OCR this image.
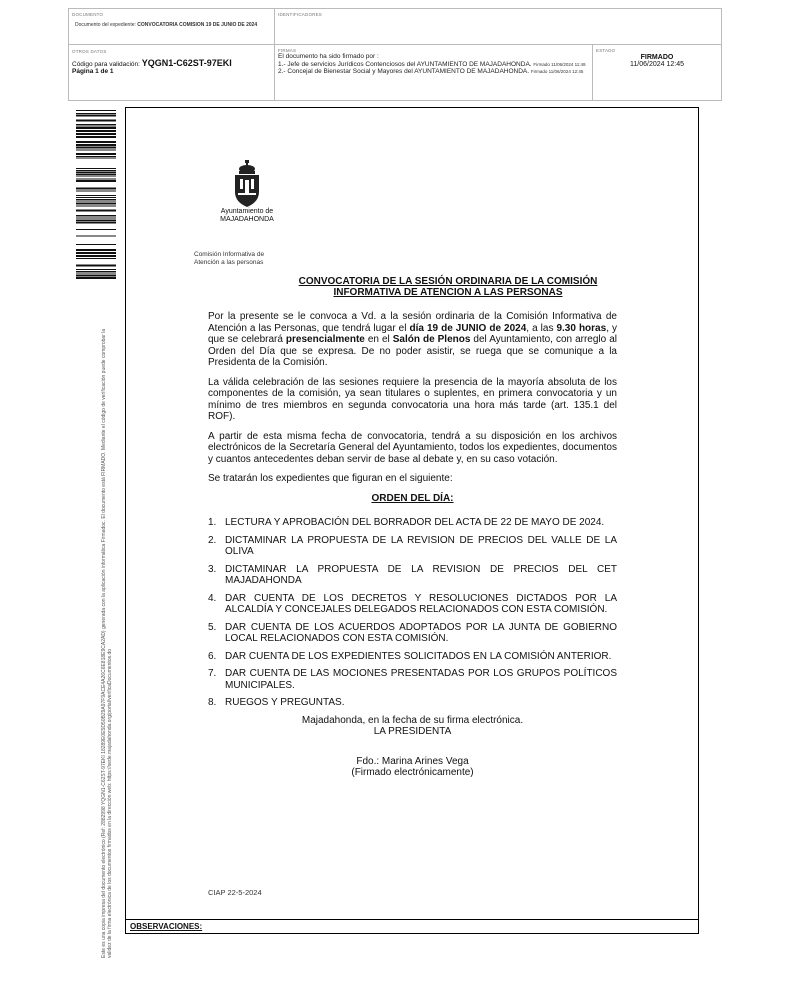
DOCUMENTO
Documento del expediente: CONVOCATORIA COMISION 19 DE JUNIO DE 2024
IDENTIFICADORES
OTROS DATOS
Código para validación: YQGN1-C62ST-97EKI
Página 1 de 1
FIRMAS
El documento ha sido firmado por :
1.- Jefe de servicios Jurídicos Contenciosos del AYUNTAMIENTO DE MAJADAHONDA. Firmado 11/06/2024 11:49
2.- Concejal de Bienestar Social y Mayores del AYUNTAMIENTO DE MAJADAHONDA. Firmado 11/06/2024 12:45
ESTADO
FIRMADO
11/06/2024 12:45
Este es una copia impresa del documento electrónico (Ref: 2882998 YQGN1-C62ST-97EKI 18289E0E5D50B29A97F9ACE4A26C6E818E9CA2AD) generada con la aplicación informática Firmadoc. El documento está FIRMADO. Mediante el código de verificación puede comprobar la validez de la firma electrónica de los documentos firmados en la dirección web: https://sede.majadahonda.org/portal/verificaDocumentos.do
Ayuntamiento de
MAJADAHONDA
Comisión Informativa de
Atención a las personas
CONVOCATORIA DE LA SESIÓN ORDINARIA DE LA COMISIÓN
INFORMATIVA DE ATENCION A LAS PERSONAS

Por la presente se le convoca a Vd. a la sesión ordinaria de la Comisión Informativa de Atención a las Personas, que tendrá lugar el día 19 de JUNIO de 2024, a las 9.30 horas, y que se celebrará presencialmente en el Salón de Plenos del Ayuntamiento, con arreglo al Orden del Día que se expresa. De no poder asistir, se ruega que se comunique a la Presidenta de la Comisión.

La válida celebración de las sesiones requiere la presencia de la mayoría absoluta de los componentes de la comisión, ya sean titulares o suplentes, en primera convocatoria y un mínimo de tres miembros en segunda convocatoria una hora más tarde (art. 135.1 del ROF).

A partir de esta misma fecha de convocatoria, tendrá a su disposición en los archivos electrónicos de la Secretaría General del Ayuntamiento, todos los expedientes, documentos y cuantos antecedentes deban servir de base al debate y, en su caso votación.

Se tratarán los expedientes que figuran en el siguiente:

ORDEN DEL DÍA:
1. LECTURA Y APROBACIÓN DEL BORRADOR DEL ACTA DE 22 DE MAYO DE 2024.
2. DICTAMINAR LA PROPUESTA DE LA REVISION DE PRECIOS DEL VALLE DE LA OLIVA
3. DICTAMINAR LA PROPUESTA DE LA REVISION DE PRECIOS DEL CET MAJADAHONDA
4. DAR CUENTA DE LOS DECRETOS Y RESOLUCIONES DICTADOS POR LA ALCALDÍA Y CONCEJALES DELEGADOS RELACIONADOS CON ESTA COMISIÓN.
5. DAR CUENTA DE LOS ACUERDOS ADOPTADOS POR LA JUNTA DE GOBIERNO LOCAL RELACIONADOS CON ESTA COMISIÓN.
6. DAR CUENTA DE LOS EXPEDIENTES SOLICITADOS EN LA COMISIÓN ANTERIOR.
7. DAR CUENTA DE LAS MOCIONES PRESENTADAS POR LOS GRUPOS POLÍTICOS MUNICIPALES.
8. RUEGOS Y PREGUNTAS.
Majadahonda, en la fecha de su firma electrónica.
LA PRESIDENTA
Fdo.: Marina Arines Vega
(Firmado electrónicamente)
CIAP 22-5-2024
OBSERVACIONES:
